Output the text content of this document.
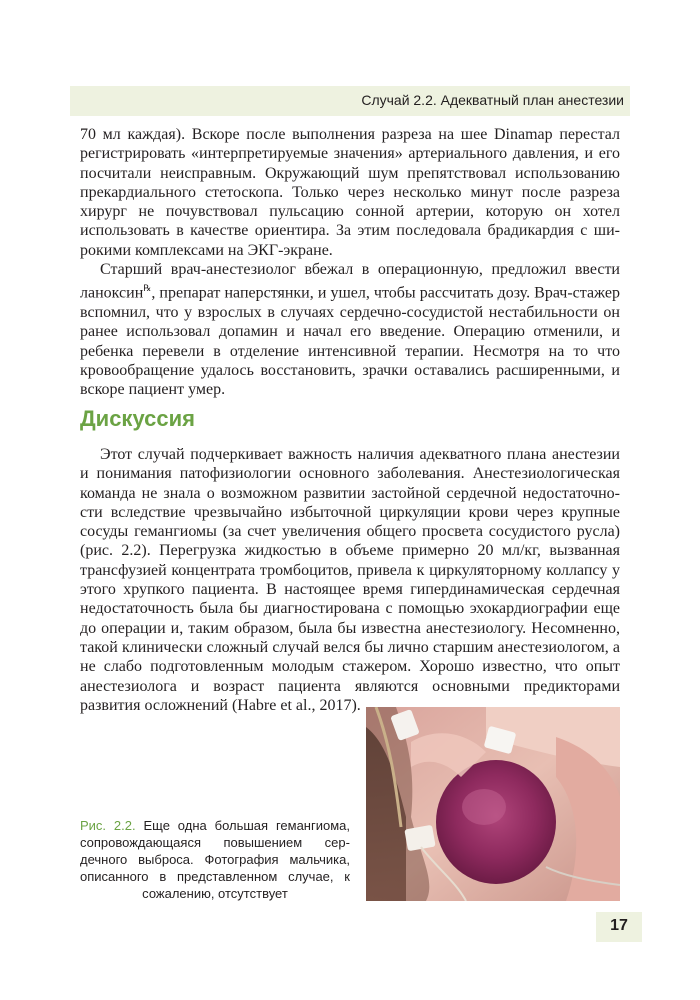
Случай 2.2. Адекватный план анестезии

70 мл каждая). Вскоре после выполнения разреза на шее Dinamap перестал регистрировать «интерпретируемые значения» артериального давления, и его посчитали неисправным. Окружающий шум препятствовал использованию прекардиального стетоскопа. Только через несколько минут после разреза хирург не почувствовал пульсацию сонной артерии, которую он хотел использовать в качестве ориентира. За этим последовала брадикардия с широкими комплексами на ЭКГ-экране.

Старший врач-анестезиолог вбежал в операционную, предложил ввести ланоксин℞, препарат наперстянки, и ушел, чтобы рассчитать дозу. Врач-стажер вспомнил, что у взрослых в случаях сердечно-сосудистой нестабильности он ранее использовал допамин и начал его введение. Операцию отменили, и ребенка перевели в отделение интенсивной терапии. Несмотря на то что кровообращение удалось восстановить, зрачки оставались расширенными, и вскоре пациент умер.

Дискуссия

Этот случай подчеркивает важность наличия адекватного плана анестезии и понимания патофизиологии основного заболевания. Анестезиологическая команда не знала о возможном развитии застойной сердечной недостаточности вследствие чрезвычайно избыточной циркуляции крови через крупные сосуды гемангиомы (за счет увеличения общего просвета сосудистого русла) (рис. 2.2). Перегрузка жидкостью в объеме примерно 20 мл/кг, вызванная трансфузией концентрата тромбоцитов, привела к циркуляторному коллапсу у этого хрупкого пациента. В настоящее время гипердинамическая сердечная недостаточность была бы диагностирована с помощью эхокардиографии еще до операции и, таким образом, была бы известна анестезиологу. Несомненно, такой клинически сложный случай велся бы лично старшим анестезиологом, а не слабо подготовленным молодым стажером. Хорошо известно, что опыт анестезиолога и возраст пациента являются основными предикторами развития осложнений (Habre et al., 2017).

Рис. 2.2. Еще одна большая гемангиома, сопровождающаяся повышением сердечного выброса. Фотография мальчика, описанного в представленном случае, к сожалению, отсутствует
17
